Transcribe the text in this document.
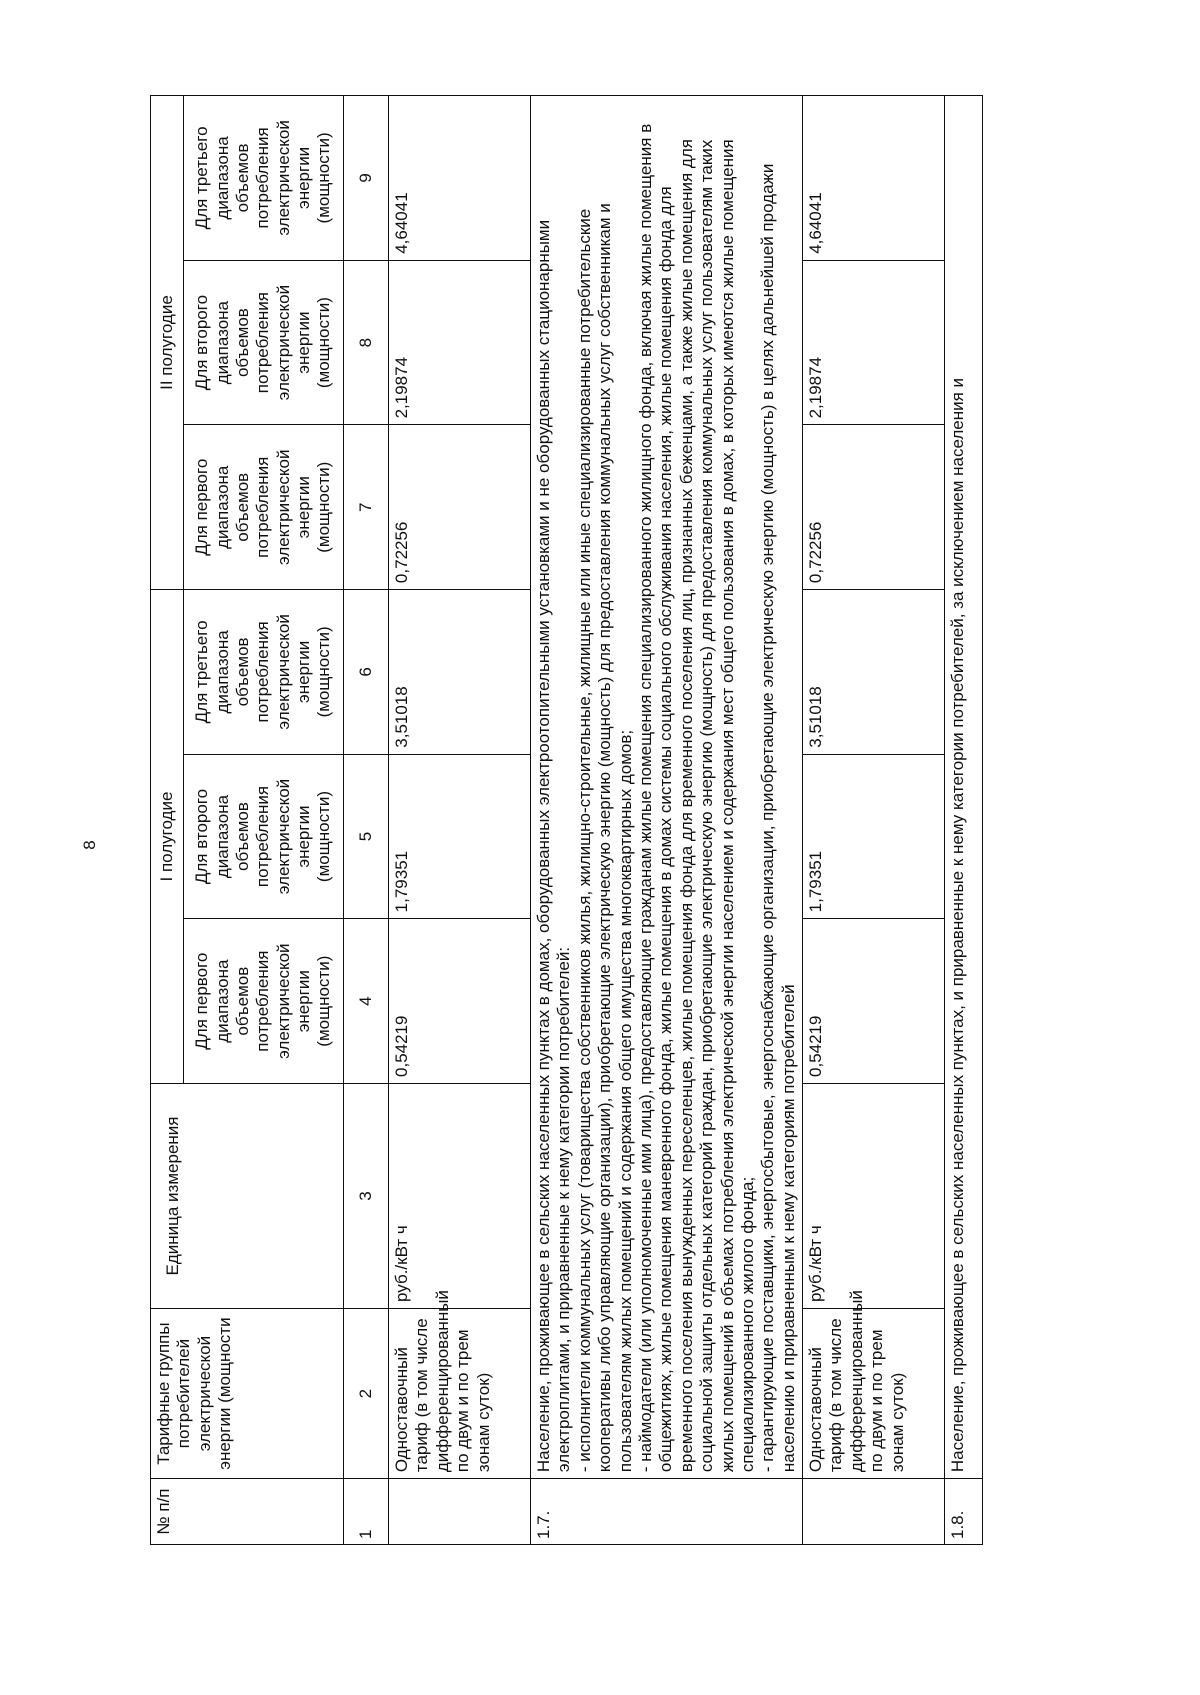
8
№ п/п	Тарифные группы потребителей электрической энергии (мощности	Единица измерения	I полугодие			II полугодие		
			Для первого диапазона объемов потребления электрической энергии (мощности)	Для второго диапазона объемов потребления электрической энергии (мощности)	Для третьего диапазона объемов потребления электрической энергии (мощности)	Для первого диапазона объемов потребления электрической энергии (мощности)	Для второго диапазона объемов потребления электрической энергии (мощности)	Для третьего диапазона объемов потребления электрической энергии (мощности)
1	2	3	4	5	6	7	8	9
	Одноставочный тариф (в том числе дифференцированный по двум и по трем зонам суток)	руб./кВт ч	0,54219	1,79351	3,51018	0,72256	2,19874	4,64041
1.7.	Население, проживающее в сельских населенных пунктах в домах, оборудованных электроотопительными установками и не оборудованных стационарными электроплитами, и приравненные к нему категории потребителей: - исполнители коммунальных услуг (товарищества собственников жилья, жилищно-строительные, жилищные или иные специализированные потребительские кооперативы либо управляющие организации), приобретающие электрическую энергию (мощность) для предоставления коммунальных услуг собственникам и пользователям жилых помещений и содержания общего имущества многоквартирных домов; - наймодатели (или уполномоченные ими лица), предоставляющие гражданам жилые помещения специализированного жилищного фонда, включая жилые помещения в общежитиях, жилые помещения маневренного фонда, жилые помещения в домах системы социального обслуживания населения, жилые помещения фонда для временного поселения вынужденных переселенцев, жилые помещения фонда для временного поселения лиц, признанных беженцами, а также жилые помещения для социальной защиты отдельных категорий граждан, приобретающие электрическую энергию (мощность) для предоставления коммунальных услуг пользователям таких жилых помещений в объемах потребления электрической энергии населением и содержания мест общего пользования в домах, в которых имеются жилые помещения специализированного жилого фонда; - гарантирующие поставщики, энергосбытовые, энергоснабжающие организации, приобретающие электрическую энергию (мощность) в целях дальнейшей продажи населению и приравненным к нему категориям потребителей							

	Одноставочный тариф (в том числе дифференцированный по двум и по трем зонам суток)	руб./кВт ч	0,54219	1,79351	3,51018	0,72256	2,19874	4,64041
1.8.	Население, проживающее в сельских населенных пунктах, и приравненные к нему категории потребителей, за исключением населения и							
